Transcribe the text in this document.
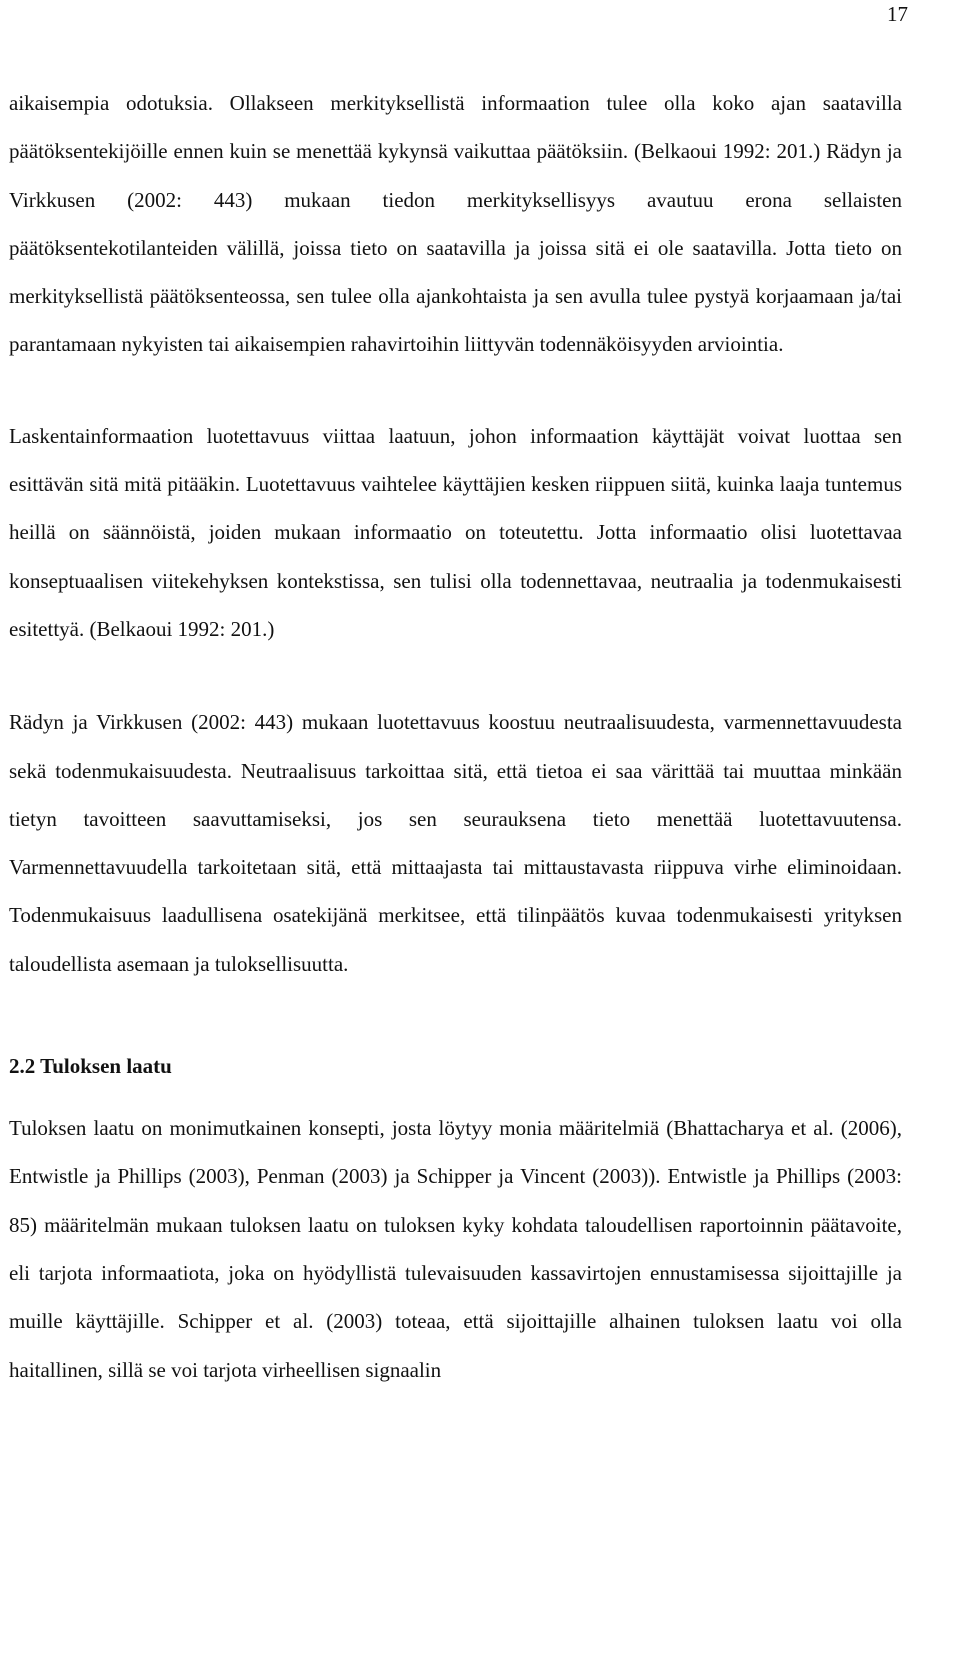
17

aikaisempia odotuksia. Ollakseen merkityksellistä informaation tulee olla koko ajan saatavilla päätöksentekijöille ennen kuin se menettää kykynsä vaikuttaa päätöksiin. (Belkaoui 1992: 201.) Rädyn ja Virkkusen (2002: 443) mukaan tiedon merkityksellisyys avautuu erona sellaisten päätöksentekotilanteiden välillä, joissa tieto on saatavilla ja joissa sitä ei ole saatavilla. Jotta tieto on merkityksellistä päätöksenteossa, sen tulee olla ajankohtaista ja sen avulla tulee pystyä korjaamaan ja/tai parantamaan nykyisten tai aikaisempien rahavirtoihin liittyvän todennäköisyyden arviointia.

Laskentainformaation luotettavuus viittaa laatuun, johon informaation käyttäjät voivat luottaa sen esittävän sitä mitä pitääkin. Luotettavuus vaihtelee käyttäjien kesken riippuen siitä, kuinka laaja tuntemus heillä on säännöistä, joiden mukaan informaatio on toteutettu. Jotta informaatio olisi luotettavaa konseptuaalisen viitekehyksen kontekstissa, sen tulisi olla todennettavaa, neutraalia ja todenmukaisesti esitettyä. (Belkaoui 1992: 201.)

Rädyn ja Virkkusen (2002: 443) mukaan luotettavuus koostuu neutraalisuudesta, varmennettavuudesta sekä todenmukaisuudesta. Neutraalisuus tarkoittaa sitä, että tietoa ei saa värittää tai muuttaa minkään tietyn tavoitteen saavuttamiseksi, jos sen seurauksena tieto menettää luotettavuutensa. Varmennettavuudella tarkoitetaan sitä, että mittaajasta tai mittaustavasta riippuva virhe eliminoidaan. Todenmukaisuus laadullisena osatekijänä merkitsee, että tilinpäätös kuvaa todenmukaisesti yrityksen taloudellista asemaan ja tuloksellisuutta.

2.2 Tuloksen laatu

Tuloksen laatu on monimutkainen konsepti, josta löytyy monia määritelmiä (Bhattacharya et al. (2006), Entwistle ja Phillips (2003), Penman (2003) ja Schipper ja Vincent (2003)). Entwistle ja Phillips (2003: 85) määritelmän mukaan tuloksen laatu on tuloksen kyky kohdata taloudellisen raportoinnin päätavoite, eli tarjota informaatiota, joka on hyödyllistä tulevaisuuden kassavirtojen ennustamisessa sijoittajille ja muille käyttäjille. Schipper et al. (2003) toteaa, että sijoittajille alhainen tuloksen laatu voi olla haitallinen, sillä se voi tarjota virheellisen signaalin
